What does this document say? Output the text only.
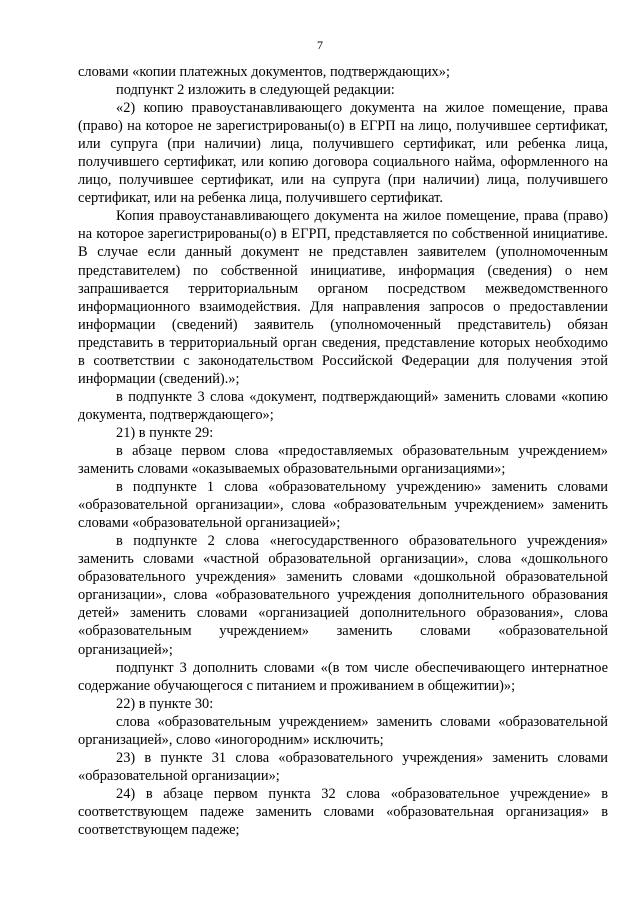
7

словами «копии платежных документов, подтверждающих»;

подпункт 2 изложить в следующей редакции:

«2) копию правоустанавливающего документа на жилое помещение, права (право) на которое не зарегистрированы(о) в ЕГРП на лицо, получившее сертификат, или супруга (при наличии) лица, получившего сертификат, или ребенка лица, получившего сертификат, или копию договора социального найма, оформленного на лицо, получившее сертификат, или на супруга (при наличии) лица, получившего сертификат, или на ребенка лица, получившего сертификат.

Копия правоустанавливающего документа на жилое помещение, права (право) на которое зарегистрированы(о) в ЕГРП, представляется по собственной инициативе. В случае если данный документ не представлен заявителем (уполномоченным представителем) по собственной инициативе, информация (сведения) о нем запрашивается территориальным органом посредством межведомственного информационного взаимодействия. Для направления запросов о предоставлении информации (сведений) заявитель (уполномоченный представитель) обязан представить в территориальный орган сведения, представление которых необходимо в соответствии с законодательством Российской Федерации для получения этой информации (сведений).»;

в подпункте 3 слова «документ, подтверждающий» заменить словами «копию документа, подтверждающего»;

21) в пункте 29:

в абзаце первом слова «предоставляемых образовательным учреждением» заменить словами «оказываемых образовательными организациями»;

в подпункте 1 слова «образовательному учреждению» заменить словами «образовательной организации», слова «образовательным учреждением» заменить словами «образовательной организацией»;

в подпункте 2 слова «негосударственного образовательного учреждения» заменить словами «частной образовательной организации», слова «дошкольного образовательного учреждения» заменить словами «дошкольной образовательной организации», слова «образовательного учреждения дополнительного образования детей» заменить словами «организацией дополнительного образования», слова «образовательным учреждением» заменить словами «образовательной организацией»;

подпункт 3 дополнить словами «(в том числе обеспечивающего интернатное содержание обучающегося с питанием и проживанием в общежитии)»;

22) в пункте 30:

слова «образовательным учреждением» заменить словами «образовательной организацией», слово «иногородним» исключить;

23) в пункте 31 слова «образовательного учреждения» заменить словами «образовательной организации»;

24) в абзаце первом пункта 32 слова «образовательное учреждение» в соответствующем падеже заменить словами «образовательная организация» в соответствующем падеже;
